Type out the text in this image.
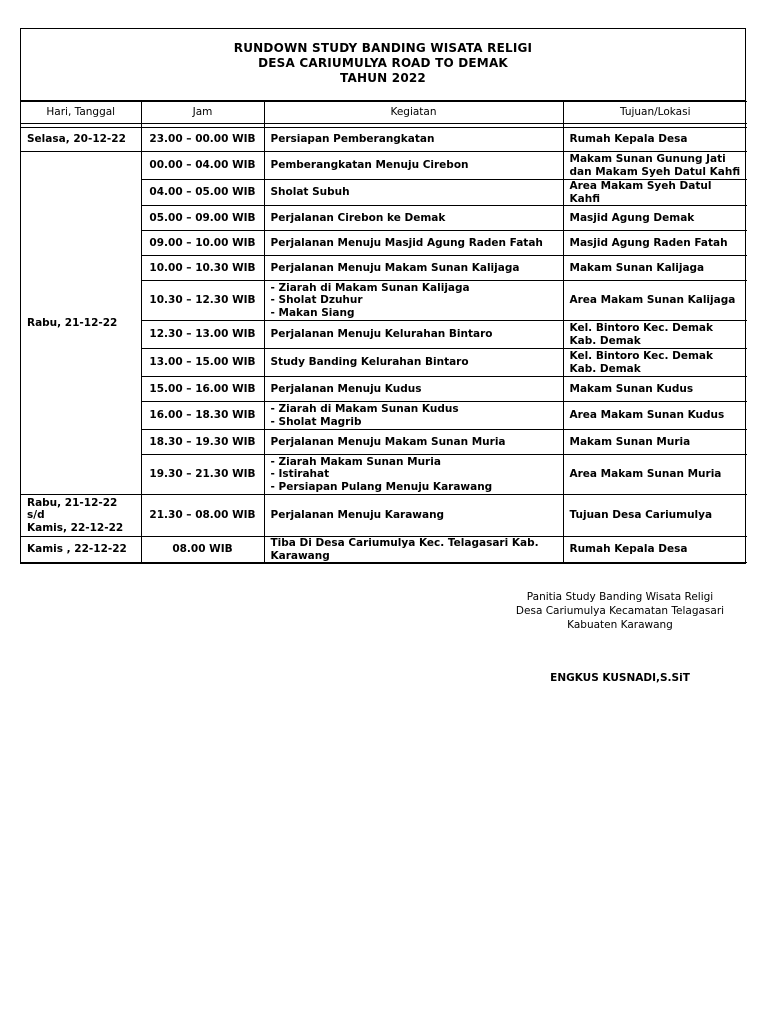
RUNDOWN STUDY BANDING WISATA RELIGI
DESA CARIUMULYA ROAD TO DEMAK
TAHUN 2022
Hari, Tanggal	Jam	Kegiatan	Tujuan/Lokasi

Selasa, 20-12-22	23.00 – 00.00 WIB	Persiapan Pemberangkatan	Rumah Kepala Desa
Rabu, 21-12-22	00.00 – 04.00 WIB	Pemberangkatan Menuju Cirebon	Makam Sunan Gunung Jati dan Makam Syeh Datul Kahfi
	04.00 – 05.00 WIB	Sholat Subuh	Area Makam Syeh Datul Kahfi
	05.00 – 09.00 WIB	Perjalanan Cirebon ke Demak	Masjid Agung Demak
	09.00 – 10.00 WIB	Perjalanan Menuju Masjid Agung Raden Fatah	Masjid Agung Raden Fatah
	10.00 – 10.30 WIB	Perjalanan Menuju Makam Sunan Kalijaga	Makam Sunan Kalijaga
	10.30 – 12.30 WIB	- Ziarah di Makam Sunan Kalijaga
- Sholat Dzuhur
- Makan Siang	Area Makam Sunan Kalijaga
	12.30 – 13.00 WIB	Perjalanan Menuju Kelurahan Bintaro	Kel. Bintoro Kec. Demak Kab. Demak
	13.00 – 15.00 WIB	Study Banding Kelurahan Bintaro	Kel. Bintoro Kec. Demak Kab. Demak
	15.00 – 16.00 WIB	Perjalanan Menuju Kudus	Makam Sunan Kudus
	16.00 – 18.30 WIB	- Ziarah di Makam Sunan Kudus
- Sholat Magrib	Area Makam Sunan Kudus
	18.30 – 19.30 WIB	Perjalanan Menuju Makam Sunan Muria	Makam Sunan Muria
	19.30 – 21.30 WIB	- Ziarah Makam Sunan Muria
- Istirahat
- Persiapan Pulang Menuju Karawang	Area Makam Sunan Muria

Rabu, 21-12-22
s/d
Kamis, 22-12-22	21.30 – 08.00 WIB	Perjalanan Menuju Karawang	Tujuan Desa Cariumulya
Kamis , 22-12-22	08.00 WIB	Tiba Di Desa Cariumulya Kec. Telagasari Kab. Karawang	Rumah Kepala Desa
Panitia Study Banding Wisata Religi
Desa Cariumulya Kecamatan Telagasari
Kabuaten Karawang
ENGKUS KUSNADI,S.SiT
